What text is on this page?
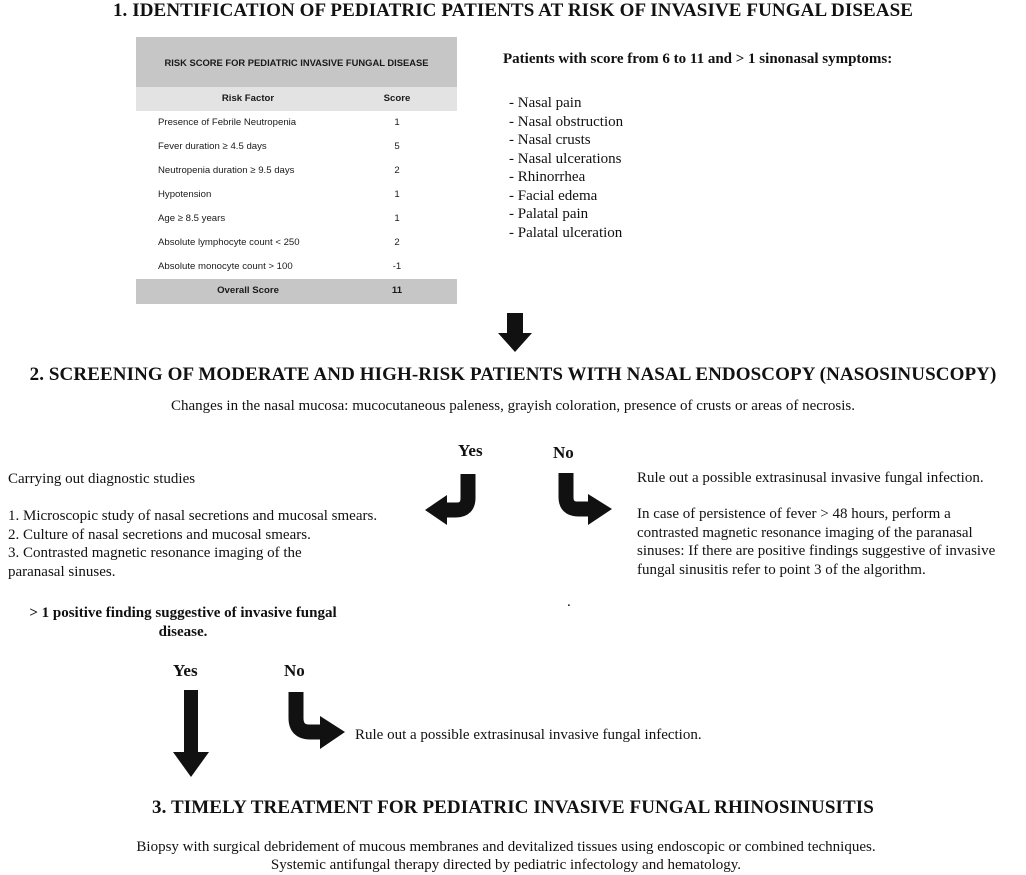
1. IDENTIFICATION OF PEDIATRIC PATIENTS AT RISK OF INVASIVE FUNGAL DISEASE
RISK SCORE FOR PEDIATRIC INVASIVE FUNGAL DISEASE
Risk Factor	Score
Presence of Febrile Neutropenia	1
Fever duration ≥ 4.5 days	5
Neutropenia duration ≥ 9.5 days	2
Hypotension	1
Age ≥ 8.5 years	1
Absolute lymphocyte count < 250	2
Absolute monocyte count > 100	-1
Overall Score	11
Patients with score from 6 to 11 and > 1 sinonasal symptoms:
- Nasal pain
- Nasal obstruction
- Nasal crusts
- Nasal ulcerations
- Rhinorrhea
- Facial edema
- Palatal pain
- Palatal ulceration
2. SCREENING OF MODERATE AND HIGH-RISK PATIENTS WITH NASAL ENDOSCOPY (NASOSINUSCOPY)
Changes in the nasal mucosa: mucocutaneous paleness, grayish coloration, presence of crusts or areas of necrosis.
Yes	No
Carrying out diagnostic studies
1. Microscopic study of nasal secretions and mucosal smears.
2. Culture of nasal secretions and mucosal smears.
3. Contrasted magnetic resonance imaging of the paranasal sinuses.
Rule out a possible extrasinusal invasive fungal infection.
In case of persistence of fever > 48 hours, perform a contrasted magnetic resonance imaging of the paranasal sinuses: If there are positive findings suggestive of invasive fungal sinusitis refer to point 3 of the algorithm.
.
> 1 positive finding suggestive of invasive fungal disease.
Yes	No
Rule out a possible extrasinusal invasive fungal infection.
3. TIMELY TREATMENT FOR PEDIATRIC INVASIVE FUNGAL RHINOSINUSITIS
Biopsy with surgical debridement of mucous membranes and devitalized tissues using endoscopic or combined techniques.
Systemic antifungal therapy directed by pediatric infectology and hematology.
